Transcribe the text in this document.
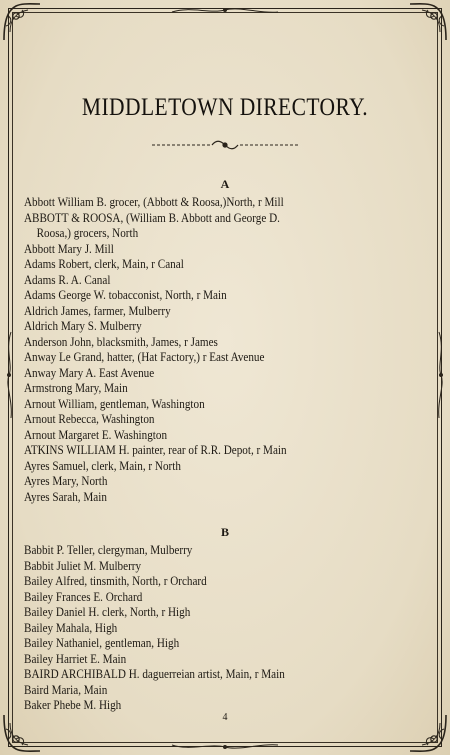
MIDDLETOWN DIRECTORY.
A
Abbott William B. grocer, (Abbott & Roosa,)North, r Mill
ABBOTT & ROOSA, (William B. Abbott and George D.
Roosa,) grocers, North
Abbott Mary J. Mill
Adams Robert, clerk, Main, r Canal
Adams R. A. Canal
Adams George W. tobacconist, North, r Main
Aldrich James, farmer, Mulberry
Aldrich Mary S. Mulberry
Anderson John, blacksmith, James, r James
Anway Le Grand, hatter, (Hat Factory,) r East Avenue
Anway Mary A. East Avenue
Armstrong Mary, Main
Arnout William, gentleman, Washington
Arnout Rebecca, Washington
Arnout Margaret E. Washington
ATKINS WILLIAM H. painter, rear of R.R. Depot, r Main
Ayres Samuel, clerk, Main, r North
Ayres Mary, North
Ayres Sarah, Main
B
Babbit P. Teller, clergyman, Mulberry
Babbit Juliet M. Mulberry
Bailey Alfred, tinsmith, North, r Orchard
Bailey Frances E. Orchard
Bailey Daniel H. clerk, North, r High
Bailey Mahala, High
Bailey Nathaniel, gentleman, High
Bailey Harriet E. Main
BAIRD ARCHIBALD H. daguerreian artist, Main, r Main
Baird Maria, Main
Baker Phebe M. High
4
